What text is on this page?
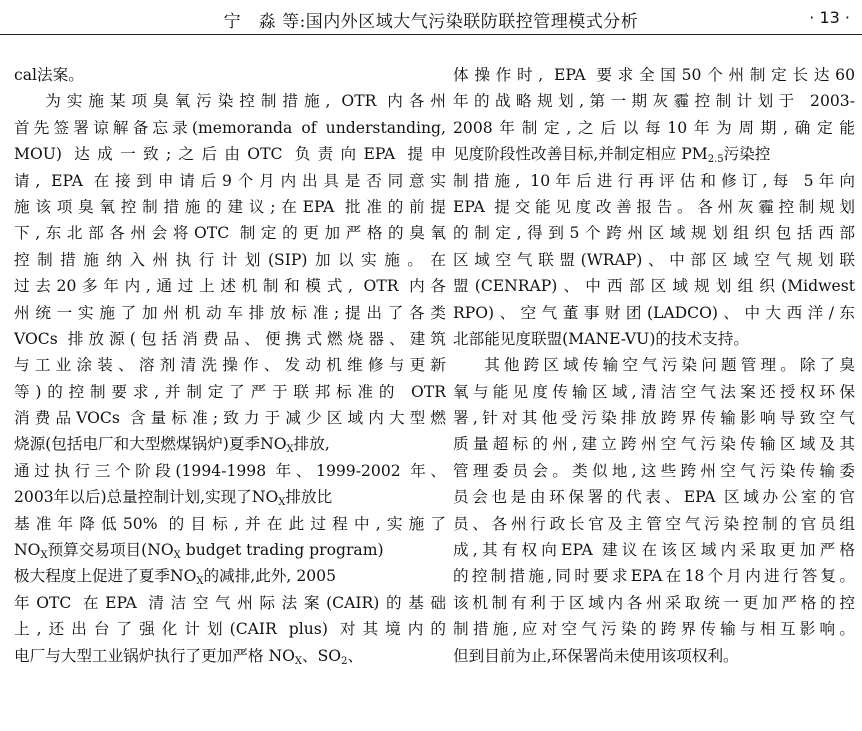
宁　淼 等:国内外区域大气污染联防联控管理模式分析	· 13 ·
cal法案。
为实施某项臭氧污染控制措施, OTR 内各州
首先签署谅解备忘录(memoranda of understanding,
MOU) 达成一致;之后由OTC 负责向EPA 提申
请, EPA 在接到申请后9个月内出具是否同意实
施该项臭氧控制措施的建议;在EPA 批准的前提
下,东北部各州会将OTC 制定的更加严格的臭氧
控制措施纳入州执行计划(SIP)加以实施。在
过去20多年内,通过上述机制和模式, OTR 内各
州统一实施了加州机动车排放标准;提出了各类
VOCs 排放源(包括消费品、便携式燃烧器、建筑
与工业涂装、溶剂清洗操作、发动机维修与更新
等)的控制要求,并制定了严于联邦标准的 OTR
消费品VOCs 含量标准;致力于减少区域内大型燃
烧源(包括电厂和大型燃煤锅炉)夏季$NO_X$排放,
通过执行三个阶段(1994-1998 年、1999-2002 年、
2003年以后)总量控制计划,实现了$NO_X$排放比
基准年降低50% 的目标,并在此过程中,实施了
$NO_X$预算交易项目($NO_X$ budget trading program)
极大程度上促进了夏季$NO_X$的减排,此外, 2005
年OTC 在EPA 清洁空气州际法案(CAIR)的基础
上,还出台了强化计划(CAIR plus) 对其境内的
电厂与大型工业锅炉执行了更加严格 $NO_X$、$SO_2$、
体操作时, EPA 要求全国50个州制定长达60
年的战略规划,第一期灰霾控制计划于 2003-
2008年制定,之后以每10年为周期,确定能
见度阶段性改善目标,并制定相应 $PM_{2.5}$污染控
制措施, 10年后进行再评估和修订,每 5年向
EPA 提交能见度改善报告。各州灰霾控制规划
的制定,得到5个跨州区域规划组织包括西部
区域空气联盟(WRAP)、中部区域空气规划联
盟(CENRAP)、中西部区域规划组织(Midwest
RPO)、空气董事财团(LADCO)、中大西洋/东
北部能见度联盟(MANE-VU)的技术支持。
其他跨区域传输空气污染问题管理。除了臭
氧与能见度传输区域,清洁空气法案还授权环保
署,针对其他受污染排放跨界传输影响导致空气
质量超标的州,建立跨州空气污染传输区域及其
管理委员会。类似地,这些跨州空气污染传输委
员会也是由环保署的代表、EPA 区域办公室的官
员、各州行政长官及主管空气污染控制的官员组
成,其有权向EPA 建议在该区域内采取更加严格
的控制措施,同时要求EPA在18个月内进行答复。
该机制有利于区域内各州采取统一更加严格的控
制措施,应对空气污染的跨界传输与相互影响。
但到目前为止,环保署尚未使用该项权利。
